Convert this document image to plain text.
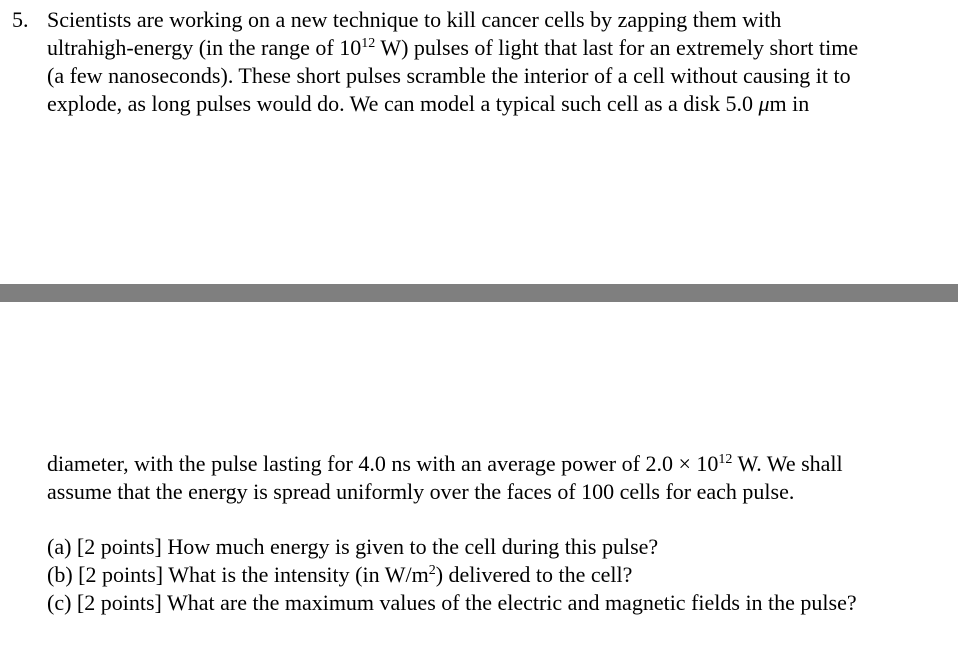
5. Scientists are working on a new technique to kill cancer cells by zapping them with
ultrahigh-energy (in the range of $10^{12}$ W) pulses of light that last for an extremely short time
(a few nanoseconds). These short pulses scramble the interior of a cell without causing it to
explode, as long pulses would do. We can model a typical such cell as a disk 5.0 μm in
diameter, with the pulse lasting for 4.0 ns with an average power of $2.0 \times 10^{12}$ W. We shall
assume that the energy is spread uniformly over the faces of 100 cells for each pulse.
(a) [2 points] How much energy is given to the cell during this pulse?
(b) [2 points] What is the intensity (in $W/m^2$) delivered to the cell?
(c) [2 points] What are the maximum values of the electric and magnetic fields in the pulse?
